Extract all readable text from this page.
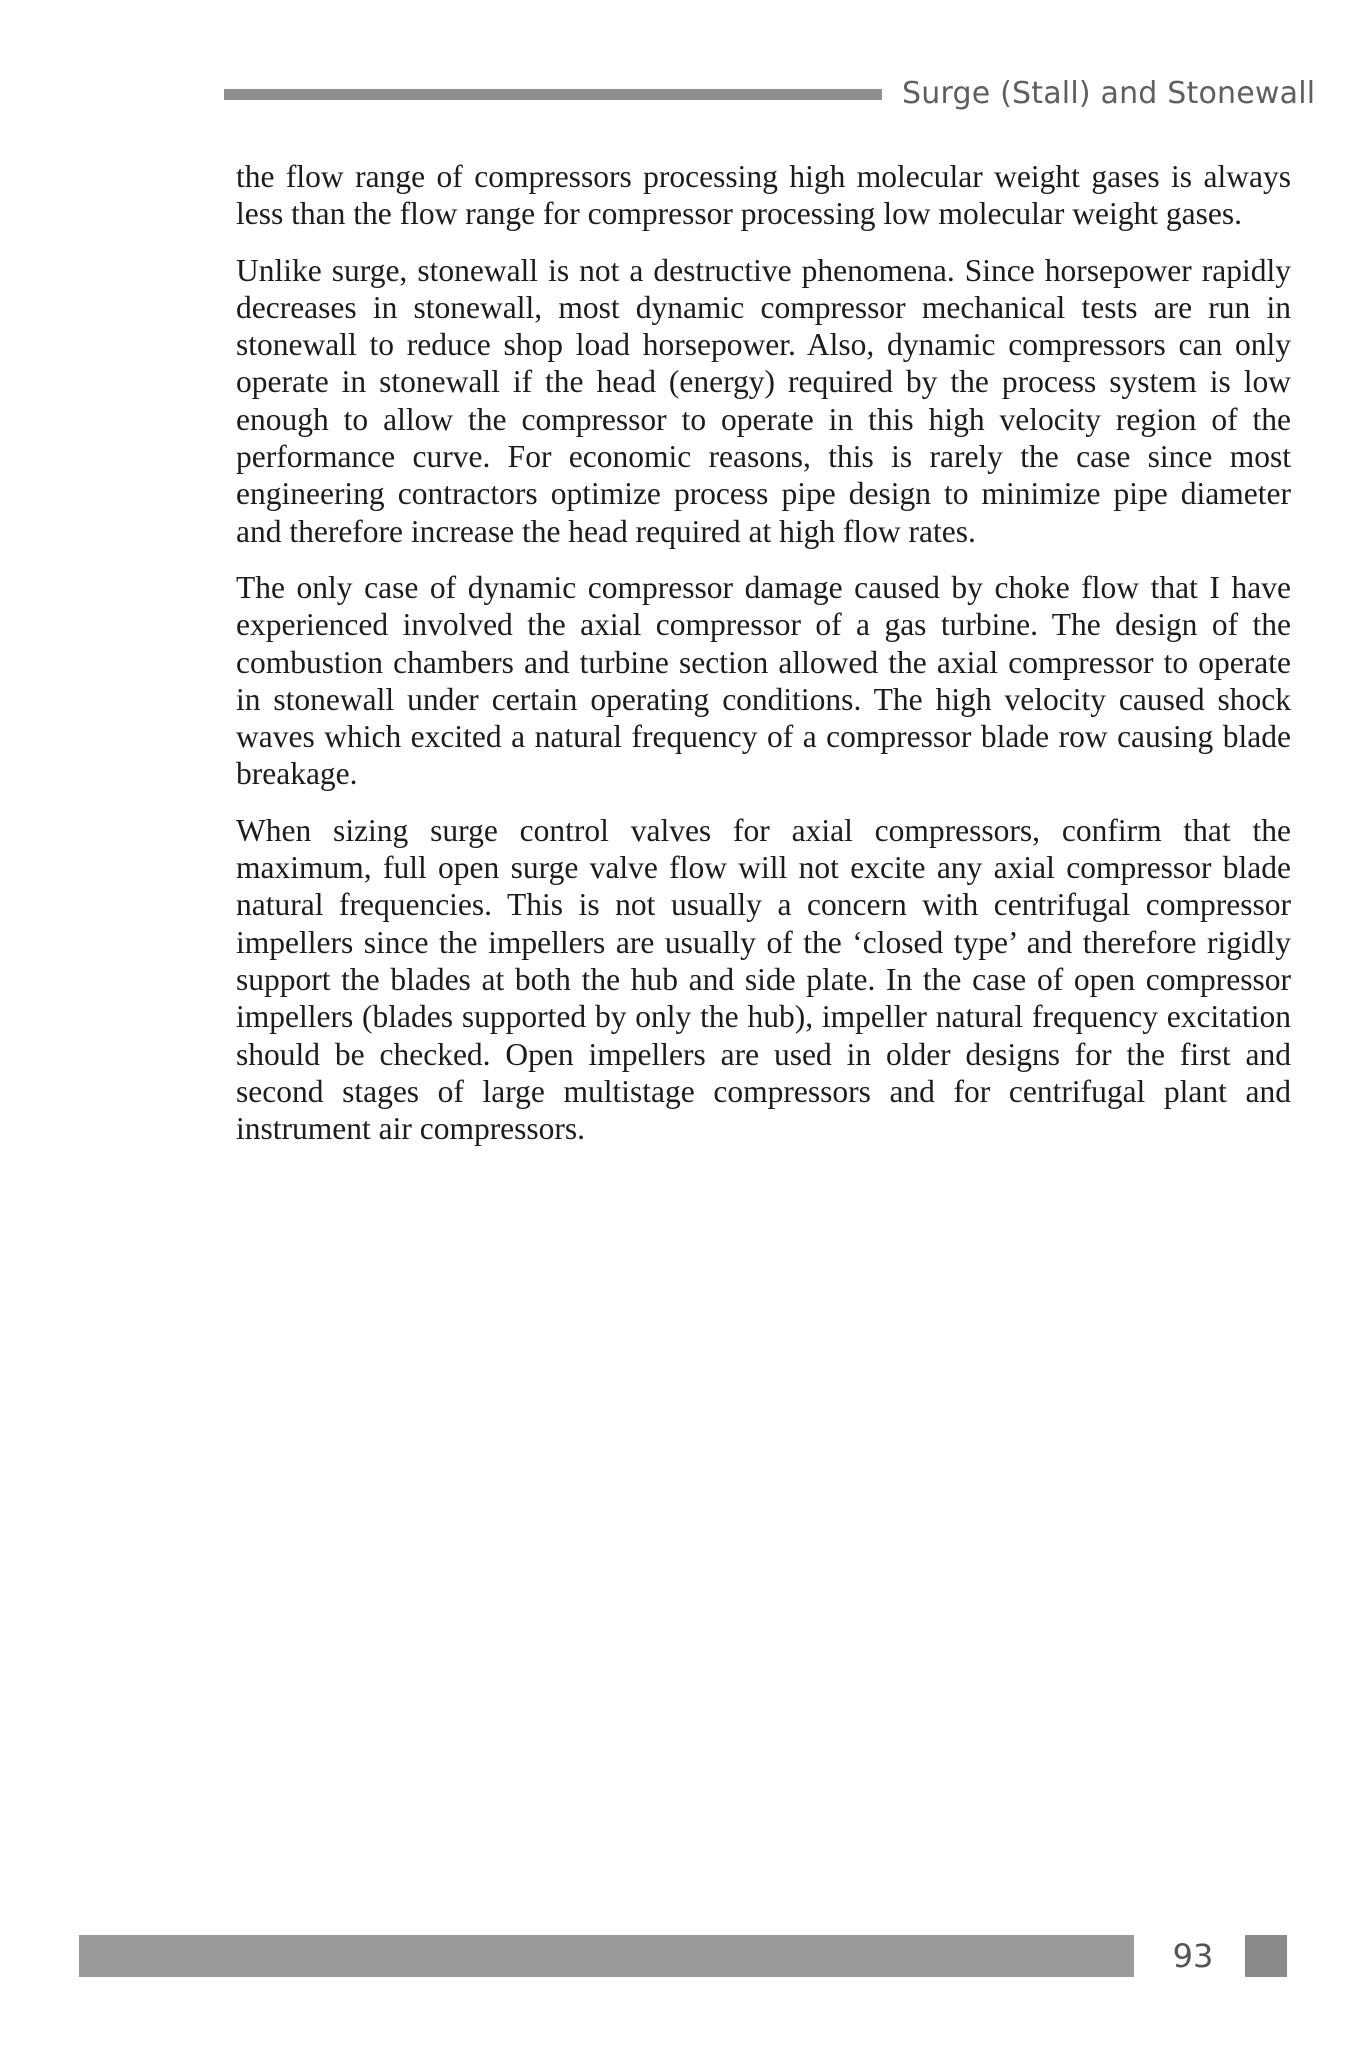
Surge (Stall) and Stonewall

the flow range of compressors processing high molecular weight gases is always less than the flow range for compressor processing low molecular weight gases.

Unlike surge, stonewall is not a destructive phenomena. Since horsepower rapidly decreases in stonewall, most dynamic compressor mechanical tests are run in stonewall to reduce shop load horsepower. Also, dynamic compressors can only operate in stonewall if the head (energy) required by the process system is low enough to allow the compressor to operate in this high velocity region of the performance curve. For economic reasons, this is rarely the case since most engineering contractors optimize process pipe design to minimize pipe diameter and therefore increase the head required at high flow rates.

The only case of dynamic compressor damage caused by choke flow that I have experienced involved the axial compressor of a gas turbine. The design of the combustion chambers and turbine section allowed the axial compressor to operate in stonewall under certain operating conditions. The high velocity caused shock waves which excited a natural frequency of a compressor blade row causing blade breakage.

When sizing surge control valves for axial compressors, confirm that the maximum, full open surge valve flow will not excite any axial compressor blade natural frequencies. This is not usually a concern with centrifugal compressor impellers since the impellers are usually of the ‘closed type’ and therefore rigidly support the blades at both the hub and side plate. In the case of open compressor impellers (blades supported by only the hub), impeller natural frequency excitation should be checked. Open impellers are used in older designs for the first and second stages of large multistage compressors and for centrifugal plant and instrument air compressors.

93
